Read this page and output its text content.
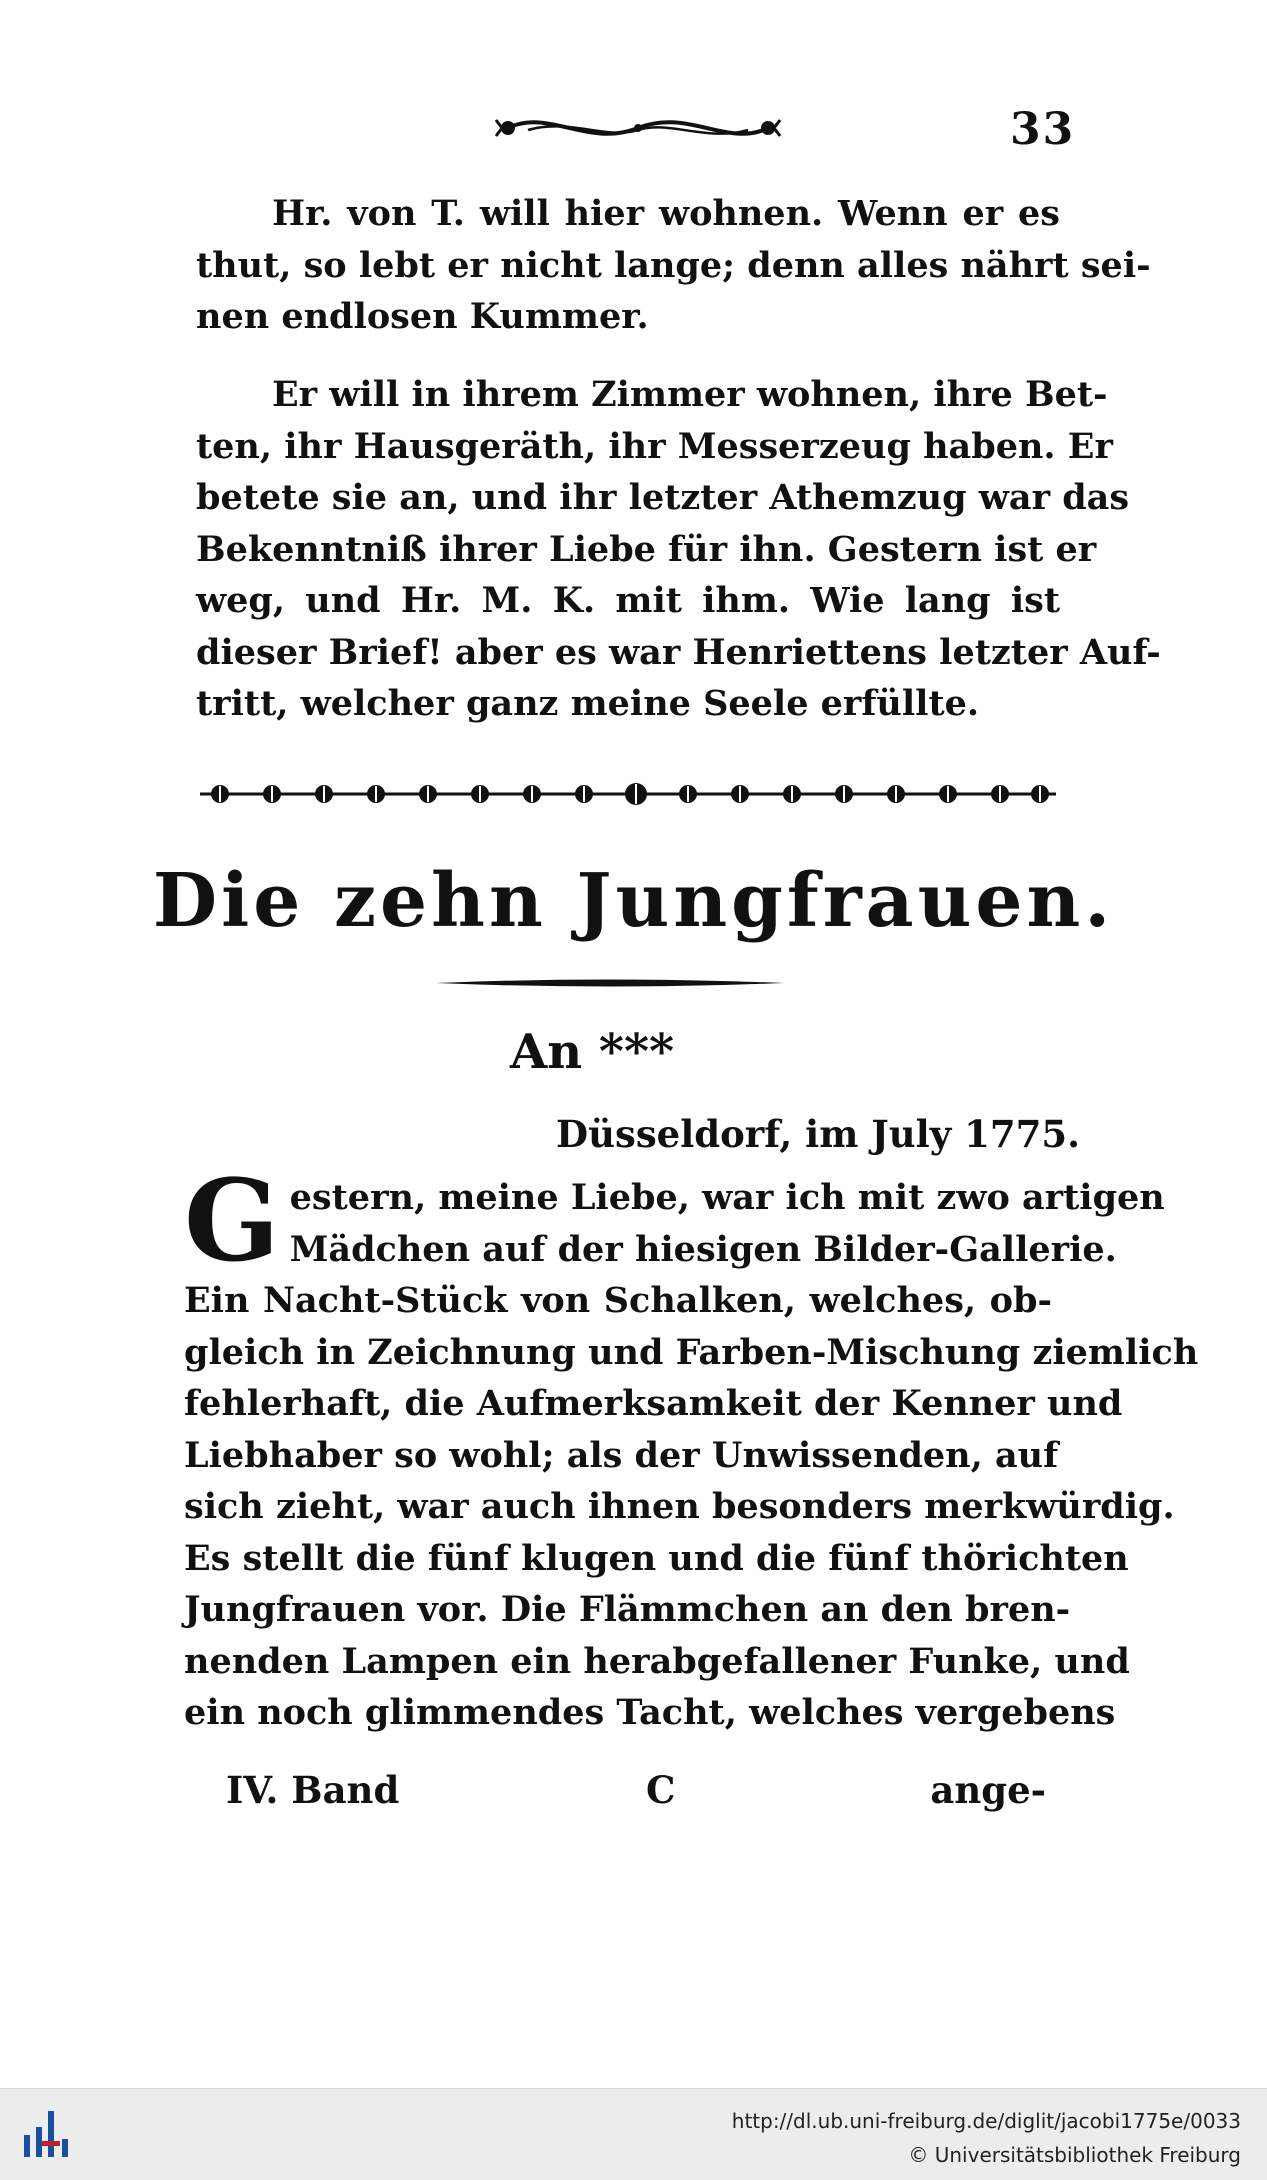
33
Hr. von T. will hier wohnen. Wenn er es
thut, so lebt er nicht lange; denn alles nährt sei-
nen endlosen Kummer.
Er will in ihrem Zimmer wohnen, ihre Bet-
ten, ihr Hausgeräth, ihr Messerzeug haben. Er
betete sie an, und ihr letzter Athemzug war das
Bekenntniß ihrer Liebe für ihn. Gestern ist er
weg, und Hr. M. K. mit ihm. Wie lang ist
dieser Brief! aber es war Henriettens letzter Auf-
tritt, welcher ganz meine Seele erfüllte.
Die zehn Jungfrauen.
An ***
Düsseldorf, im July 1775.
G estern, meine Liebe, war ich mit zwo artigen
Mädchen auf der hiesigen Bilder-Gallerie.
Ein Nacht-Stück von Schalken, welches, ob-
gleich in Zeichnung und Farben-Mischung ziemlich
fehlerhaft, die Aufmerksamkeit der Kenner und
Liebhaber so wohl; als der Unwissenden, auf
sich zieht, war auch ihnen besonders merkwürdig.
Es stellt die fünf klugen und die fünf thörichten
Jungfrauen vor. Die Flämmchen an den bren-
nenden Lampen ein herabgefallener Funke, und
ein noch glimmendes Tacht, welches vergebens
IV. Band	C	ange-
http://dl.ub.uni-freiburg.de/diglit/jacobi1775e/0033
© Universitätsbibliothek Freiburg
